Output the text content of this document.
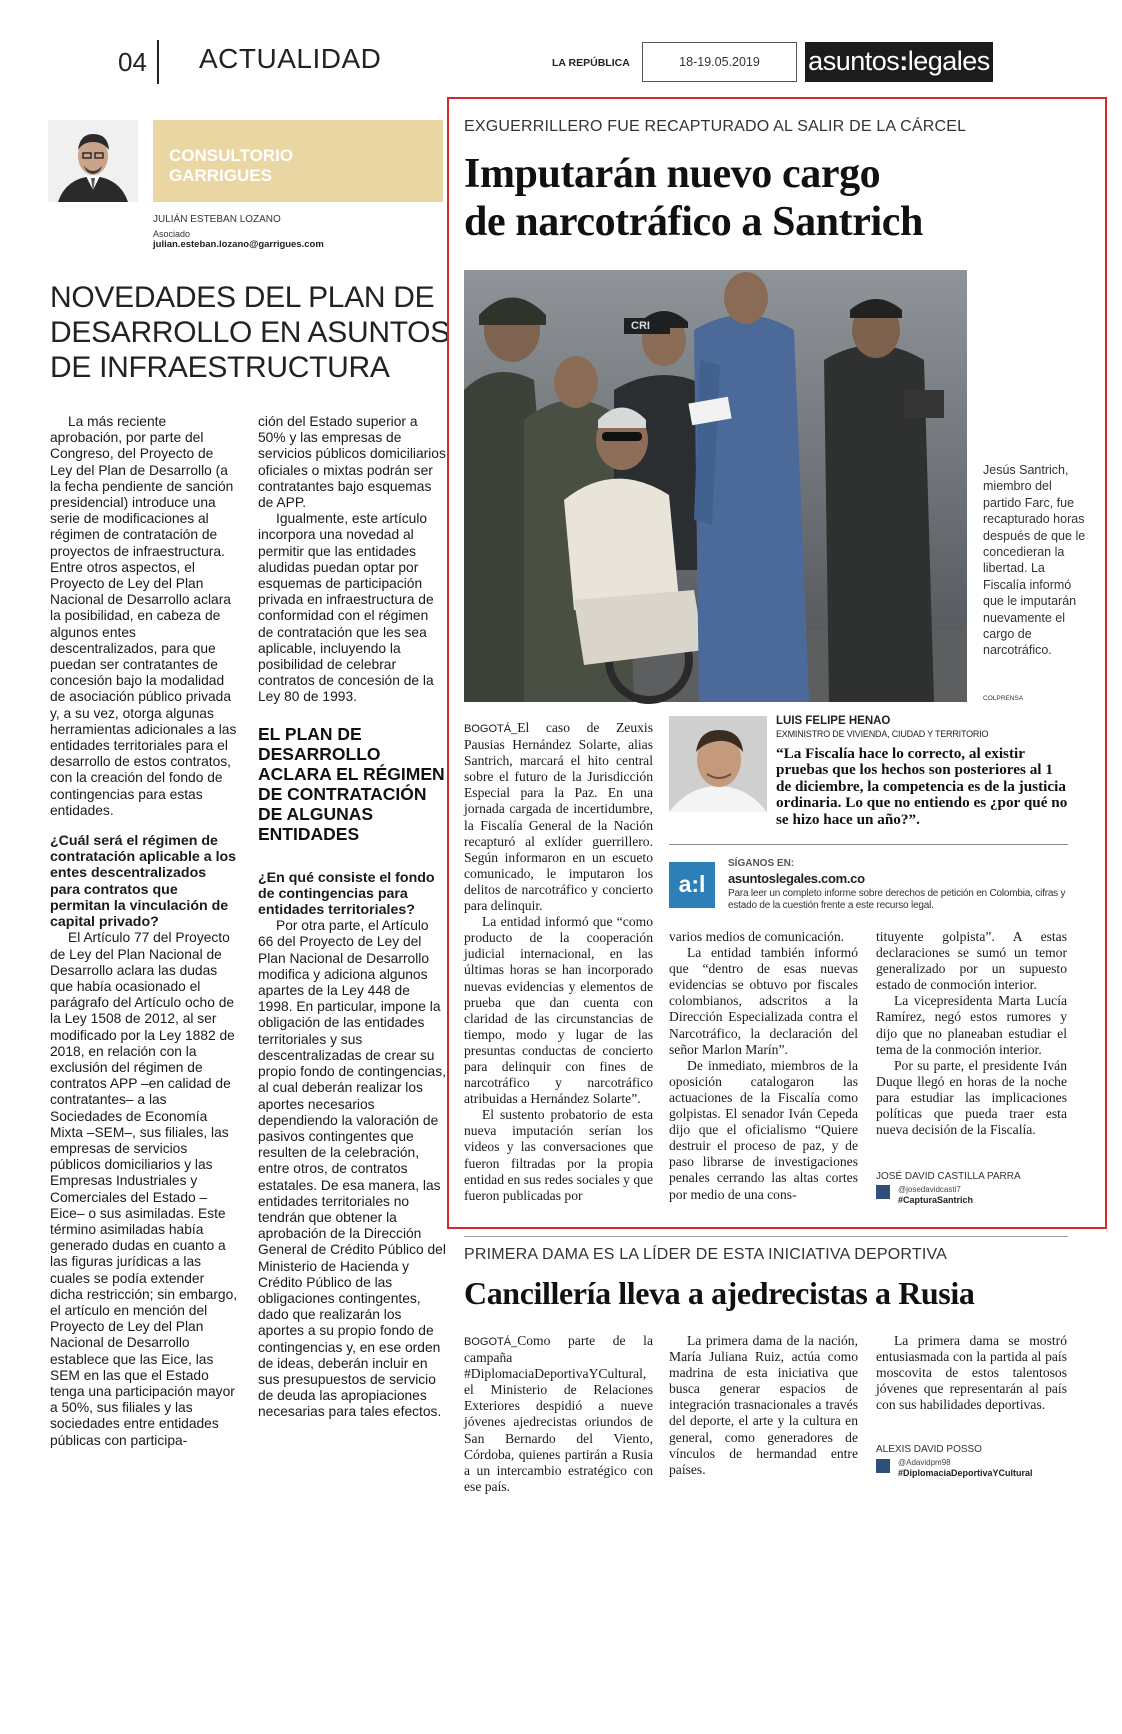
04 ACTUALIDAD	LA REPÚBLICA	18-19.05.2019	asuntos:legales
CONSULTORIO
GARRIGUES
JULIÁN ESTEBAN LOZANO
Asociado
julian.esteban.lozano@garrigues.com
NOVEDADES DEL PLAN DE DESARROLLO EN ASUNTOS DE INFRAESTRUCTURA

La más reciente aprobación, por parte del Congreso, del Proyecto de Ley del Plan de Desarrollo (a la fecha pendiente de sanción presidencial) introduce una serie de modificaciones al régimen de contratación de proyectos de infraestructura. Entre otros aspectos, el Proyecto de Ley del Plan Nacional de Desarrollo aclara la posibilidad, en cabeza de algunos entes descentralizados, para que puedan ser contratantes de concesión bajo la modalidad de asociación público privada y, a su vez, otorga algunas herramientas adicionales a las entidades territoriales para el desarrollo de estos contratos, con la creación del fondo de contingencias para estas entidades.

¿Cuál será el régimen de contratación aplicable a los entes descentralizados para contratos que permitan la vinculación de capital privado?

El Artículo 77 del Proyecto de Ley del Plan Nacional de Desarrollo aclara las dudas que había ocasionado el parágrafo del Artículo ocho de la Ley 1508 de 2012, al ser modificado por la Ley 1882 de 2018, en relación con la exclusión del régimen de contratos APP –en calidad de contratantes– a las Sociedades de Economía Mixta –SEM–, sus filiales, las empresas de servicios públicos domiciliarios y las Empresas Industriales y Comerciales del Estado –Eice– o sus asimiladas. Este término asimiladas había generado dudas en cuanto a las figuras jurídicas a las cuales se podía extender dicha restricción; sin embargo, el artículo en mención del Proyecto de Ley del Plan Nacional de Desarrollo establece que las Eice, las SEM en las que el Estado tenga una participación mayor a 50%, sus filiales y las sociedades entre entidades públicas con participa-

ción del Estado superior a 50% y las empresas de servicios públicos domiciliarios oficiales o mixtas podrán ser contratantes bajo esquemas de APP.

Igualmente, este artículo incorpora una novedad al permitir que las entidades aludidas puedan optar por esquemas de participación privada en infraestructura de conformidad con el régimen de contratación que les sea aplicable, incluyendo la posibilidad de celebrar contratos de concesión de la Ley 80 de 1993.

EL PLAN DE DESARROLLO ACLARA EL RÉGIMEN DE CONTRATACIÓN DE ALGUNAS ENTIDADES

¿En qué consiste el fondo de contingencias para entidades territoriales?

Por otra parte, el Artículo 66 del Proyecto de Ley del Plan Nacional de Desarrollo modifica y adiciona algunos apartes de la Ley 448 de 1998. En particular, impone la obligación de las entidades territoriales y sus descentralizadas de crear su propio fondo de contingencias, al cual deberán realizar los aportes necesarios dependiendo la valoración de pasivos contingentes que resulten de la celebración, entre otros, de contratos estatales. De esa manera, las entidades territoriales no tendrán que obtener la aprobación de la Dirección General de Crédito Público del Ministerio de Hacienda y Crédito Público de las obligaciones contingentes, dado que realizarán los aportes a su propio fondo de contingencias y, en ese orden de ideas, deberán incluir en sus presupuestos de servicio de deuda las apropiaciones necesarias para tales efectos.

EXGUERRILLERO FUE RECAPTURADO AL SALIR DE LA CÁRCEL
Imputarán nuevo cargo
de narcotráfico a Santrich
CRI
Jesús Santrich, miembro del partido Farc, fue recapturado horas después de que le concedieran la libertad. La Fiscalía informó que le imputarán nuevamente el cargo de narcotráfico.
COLPRENSA

BOGOTÁ_El caso de Zeuxis Pausias Hernández Solarte, alias Santrich, marcará el hito central sobre el futuro de la Jurisdicción Especial para la Paz. En una jornada cargada de incertidumbre, la Fiscalía General de la Nación recapturó al exlíder guerrillero. Según informaron en un escueto comunicado, le imputaron los delitos de narcotráfico y concierto para delinquir.

La entidad informó que “como producto de la cooperación judicial internacional, en las últimas horas se han incorporado nuevas evidencias y elementos de prueba que dan cuenta con claridad de las circunstancias de tiempo, modo y lugar de las presuntas conductas de concierto para delinquir con fines de narcotráfico y narcotráfico atribuidas a Hernández Solarte”.

El sustento probatorio de esta nueva imputación serían los videos y las conversaciones que fueron filtradas por la propia entidad en sus redes sociales y que fueron publicadas por

LUIS FELIPE HENAO
EXMINISTRO DE VIVIENDA, CIUDAD Y TERRITORIO
“La Fiscalía hace lo correcto, al existir pruebas que los hechos son posteriores al 1 de diciembre, la competencia es de la justicia ordinaria. Lo que no entiendo es ¿por qué no se hizo hace un año?”.
a:l
SÍGANOS EN:
asuntoslegales.com.co
Para leer un completo informe sobre derechos de petición en Colombia, cifras y estado de la cuestión frente a este recurso legal.

varios medios de comunicación.

La entidad también informó que “dentro de esas nuevas evidencias se obtuvo por fiscales colombianos, adscritos a la Dirección Especializada contra el Narcotráfico, la declaración del señor Marlon Marín”.

De inmediato, miembros de la oposición catalogaron las actuaciones de la Fiscalía como golpistas. El senador Iván Cepeda dijo que el oficialismo “Quiere destruir el proceso de paz, y de paso librarse de investigaciones penales cerrando las altas cortes por medio de una cons-

tituyente golpista”. A estas declaraciones se sumó un temor generalizado por un supuesto estado de conmoción interior.

La vicepresidenta Marta Lucía Ramírez, negó estos rumores y dijo que no planeaban estudiar el tema de la conmoción interior.

Por su parte, el presidente Iván Duque llegó en horas de la noche para estudiar las implicaciones políticas que pueda traer esta nueva decisión de la Fiscalía.

JOSÉ DAVID CASTILLA PARRA
@josedavidcasti7
#CapturaSantrich
PRIMERA DAMA ES LA LÍDER DE ESTA INICIATIVA DEPORTIVA
Cancillería lleva a ajedrecistas a Rusia

BOGOTÁ_Como parte de la campaña #DiplomaciaDeportivaYCultural, el Ministerio de Relaciones Exteriores despidió a nueve jóvenes ajedrecistas oriundos de San Bernardo del Viento, Córdoba, quienes partirán a Rusia a un intercambio estratégico con ese país.

La primera dama de la nación, María Juliana Ruiz, actúa como madrina de esta iniciativa que busca generar espacios de integración trasnacionales a través del deporte, el arte y la cultura en general, como generadores de vínculos de hermandad entre países.

La primera dama se mostró entusiasmada con la partida al país moscovita de estos talentosos jóvenes que representarán al país con sus habilidades deportivas.

ALEXIS DAVID POSSO
@Adavidpm98
#DiplomaciaDeportivaYCultural
